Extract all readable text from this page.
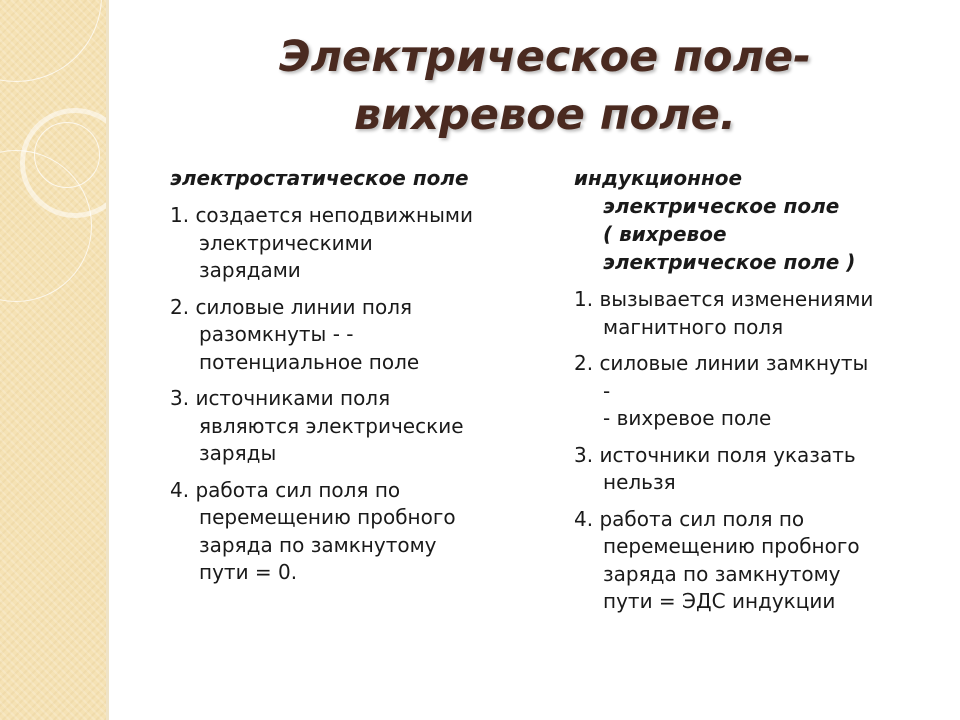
Электрическое поле-
вихревое поле.
электростатическое поле
1. создается неподвижными
электрическими
зарядами
2. силовые линии поля
разомкнуты - -
потенциальное поле
3. источниками поля
являются электрические
заряды
4. работа сил поля по
перемещению пробного
заряда по замкнутому
пути = 0.
индукционное
электрическое поле
( вихревое
электрическое поле )
1. вызывается изменениями
магнитного поля
2. силовые линии замкнуты
-
- вихревое поле
3. источники поля указать
нельзя
4. работа сил поля по
перемещению пробного
заряда по замкнутому
пути = ЭДС индукции
